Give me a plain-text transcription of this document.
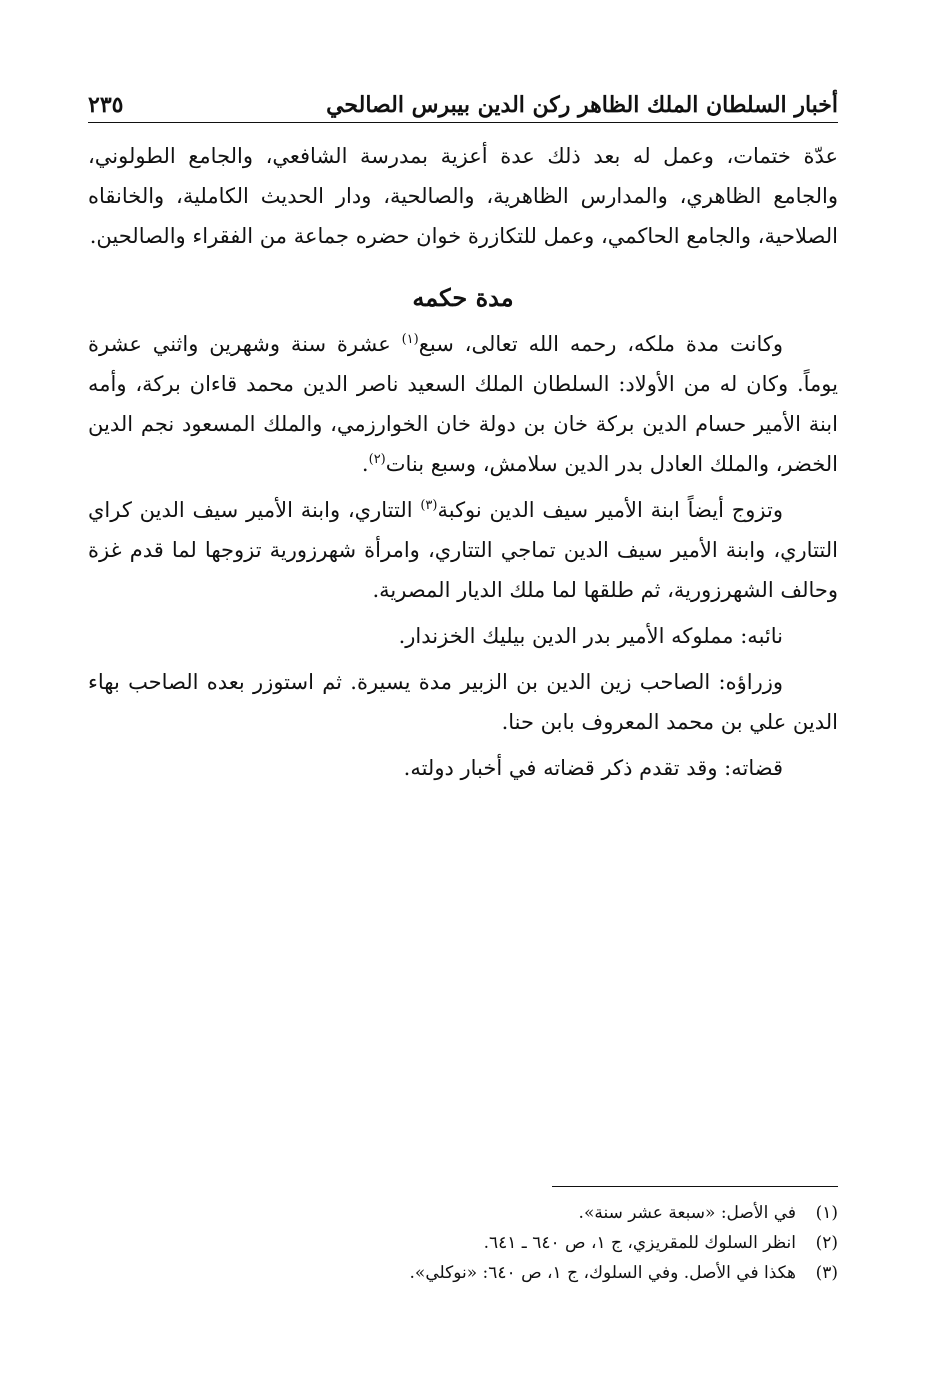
أخبار السلطان الملك الظاهر ركن الدين بيبرس الصالحي
٢٣٥

عدّة ختمات، وعمل له بعد ذلك عدة أعزية بمدرسة الشافعي، والجامع الطولوني، والجامع الظاهري، والمدارس الظاهرية، والصالحية، ودار الحديث الكاملية، والخانقاه الصلاحية، والجامع الحاكمي، وعمل للتكازرة خوان حضره جماعة من الفقراء والصالحين.

مدة حكمه

وكانت مدة ملكه، رحمه الله تعالى، سبع$^{(١)}$ عشرة سنة وشهرين واثني عشرة يوماً. وكان له من الأولاد: السلطان الملك السعيد ناصر الدين محمد قاءان بركة، وأمه ابنة الأمير حسام الدين بركة خان بن دولة خان الخوارزمي، والملك المسعود نجم الدين الخضر، والملك العادل بدر الدين سلامش، وسبع بنات$^{(٢)}$.

وتزوج أيضاً ابنة الأمير سيف الدين نوكبة$^{(٣)}$ التتاري، وابنة الأمير سيف الدين كراي التتاري، وابنة الأمير سيف الدين تماجي التتاري، وامرأة شهرزورية تزوجها لما قدم غزة وحالف الشهرزورية، ثم طلقها لما ملك الديار المصرية.

نائبه: مملوكه الأمير بدر الدين بيليك الخزندار.

وزراؤه: الصاحب زين الدين بن الزبير مدة يسيرة. ثم استوزر بعده الصاحب بهاء الدين علي بن محمد المعروف بابن حنا.

قضاته: وقد تقدم ذكر قضاته في أخبار دولته.

(١)
في الأصل: «سبعة عشر سنة».
(٢)
انظر السلوك للمقريزي، ج ١، ص ٦٤٠ ـ ٦٤١.
(٣)
هكذا في الأصل. وفي السلوك، ج ١، ص ٦٤٠: «نوكلي».
